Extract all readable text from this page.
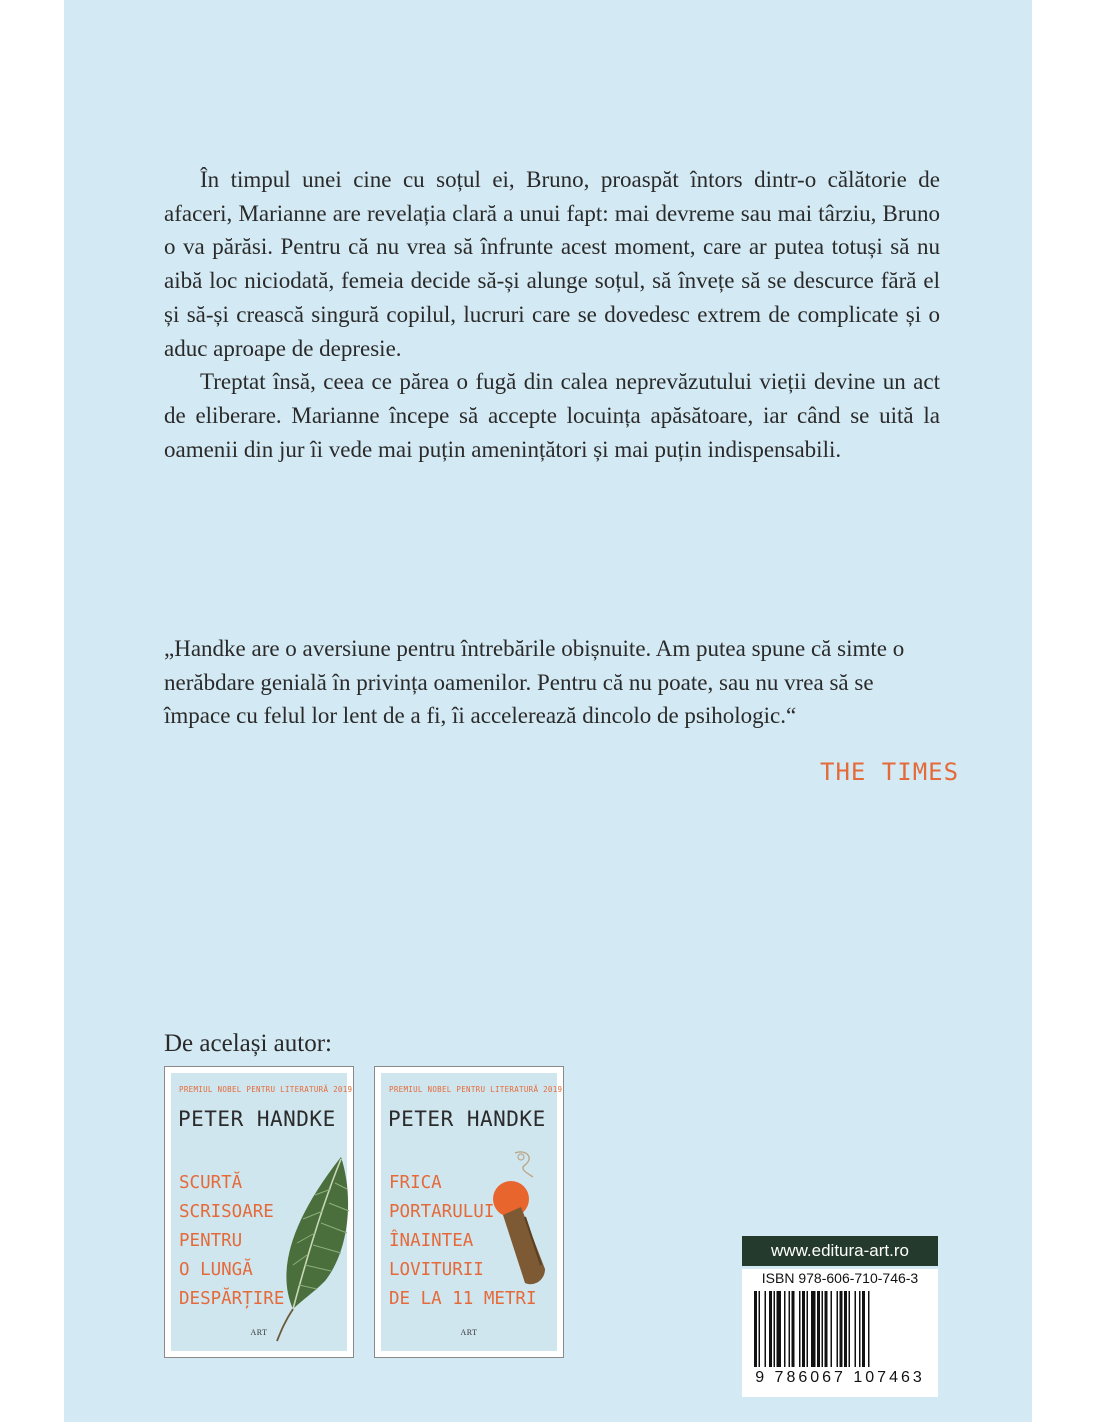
În timpul unei cine cu soțul ei, Bruno, proaspăt întors dintr-o călătorie de afaceri, Marianne are revelația clară a unui fapt: mai devreme sau mai târziu, Bruno o va părăsi. Pentru că nu vrea să înfrunte acest moment, care ar putea totuși să nu aibă loc niciodată, femeia decide să-și alunge soțul, să învețe să se descurce fără el și să-și crească singură copilul, lucruri care se dovedesc extrem de complicate și o aduc aproape de depresie.

Treptat însă, ceea ce părea o fugă din calea neprevăzutului vieții devine un act de eliberare. Marianne începe să accepte locuința apăsătoare, iar când se uită la oamenii din jur îi vede mai puțin amenințători și mai puțin indispensabili.

„Handke are o aversiune pentru întrebările obișnuite. Am putea spune că simte o nerăbdare genială în privința oamenilor. Pentru că nu poate, sau nu vrea să se împace cu felul lor lent de a fi, îi accelerează dincolo de psihologic.“
THE TIMES
De același autor:
PREMIUL NOBEL PENTRU LITERATURĂ 2019
PETER HANDKE
SCURTĂ
SCRISOARE
PENTRU
O LUNGĂ
DESPĂRȚIRE
ART
PREMIUL NOBEL PENTRU LITERATURĂ 2019
PETER HANDKE
FRICA
PORTARULUI
ÎNAINTEA
LOVITURII
DE LA 11 METRI
ART
www.editura-art.ro
ISBN 978-606-710-746-3
9 786067 107463
